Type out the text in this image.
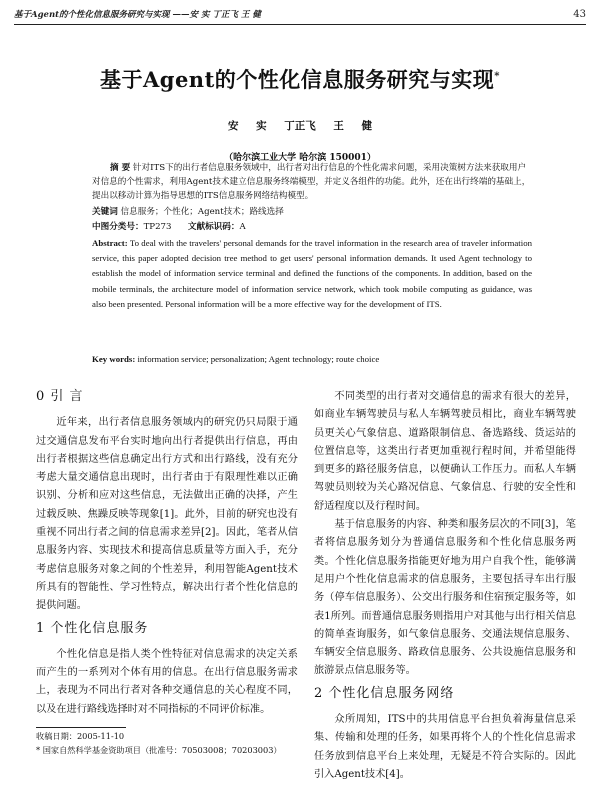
基于Agent的个性化信息服务研究与实现 ——安 实 丁正飞 王 健	43
基于Agent的个性化信息服务研究与实现*
安 实 丁正飞 王 健
（哈尔滨工业大学 哈尔滨 150001）
摘 要 针对ITS下的出行者信息服务领域中，出行者对出行信息的个性化需求问题，采用决策树方法来获取用户对信息的个性需求，利用Agent技术建立信息服务终端模型，并定义各组件的功能。此外，还在出行终端的基础上，提出以移动计算为指导思想的ITS信息服务网络结构模型。
关键词 信息服务；个性化；Agent技术；路线选择
中图分类号：TP273 文献标识码：A
Abstract: To deal with the travelers' personal demands for the travel information in the research area of traveler information service, this paper adopted decision tree method to get users' personal information demands. It used Agent technology to establish the model of information service terminal and defined the functions of the components. In addition, based on the mobile terminals, the architecture model of information service network, which took mobile computing as guidance, was also been presented. Personal information will be a more effective way for the development of ITS.
Key words: information service; personalization; Agent technology; route choice
0 引 言

近年来，出行者信息服务领域内的研究仍只局限于通过交通信息发布平台实时地向出行者提供出行信息，再由出行者根据这些信息确定出行方式和出行路线，没有充分考虑大量交通信息出现时，出行者由于有限理性难以正确识别、分析和应对这些信息，无法做出正确的决择，产生过载反映、焦躁反映等现象[1]。此外，目前的研究也没有重视不同出行者之间的信息需求差异[2]。因此，笔者从信息服务内容、实现技术和提高信息质量等方面入手，充分考虑信息服务对象之间的个性差异，利用智能Agent技术所具有的智能性、学习性特点，解决出行者个性化信息的提供问题。

1 个性化信息服务

个性化信息是指人类个性特征对信息需求的决定关系而产生的一系列对个体有用的信息。在出行信息服务需求上，表现为不同出行者对各种交通信息的关心程度不同，以及在进行路线选择时对不同指标的不同评价标准。

收稿日期：2005-11-10

* 国家自然科学基金资助项目（批准号：70503008；70203003）

不同类型的出行者对交通信息的需求有很大的差异，如商业车辆驾驶员与私人车辆驾驶员相比，商业车辆驾驶员更关心气象信息、道路限制信息、备选路线、货运站的位置信息等，这类出行者更加重视行程时间，并希望能得到更多的路径服务信息，以便确认工作压力。而私人车辆驾驶员则较为关心路况信息、气象信息、行驶的安全性和舒适程度以及行程时间。

基于信息服务的内容、种类和服务层次的不同[3]，笔者将信息服务划分为普通信息服务和个性化信息服务两类。个性化信息服务指能更好地为用户自我个性，能够满足用户个性化信息需求的信息服务，主要包括寻车出行服务（停车信息服务）、公交出行服务和住宿预定服务等，如表1所列。而普通信息服务则指用户对其他与出行相关信息的简单查询服务，如气象信息服务、交通法规信息服务、车辆安全信息服务、路政信息服务、公共设施信息服务和旅游景点信息服务等。

2 个性化信息服务网络

众所周知，ITS中的共用信息平台担负着海量信息采集、传输和处理的任务，如果再将个人的个性化信息需求任务放到信息平台上来处理，无疑是不符合实际的。因此引入Agent技术[4]。
